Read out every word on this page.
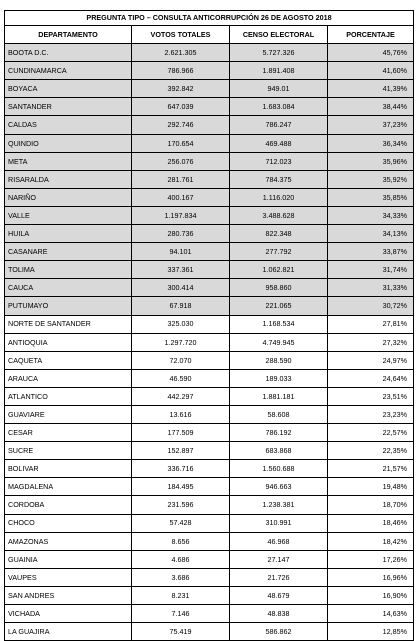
PREGUNTA TIPO – CONSULTA ANTICORRUPCIÓN 26 DE AGOSTO 2018			
DEPARTAMENTO	VOTOS TOTALES	CENSO ELECTORAL	PORCENTAJE
BOOTA D.C.	2.621.305	5.727.326	45,76%
CUNDINAMARCA	786.966	1.891.408	41,60%
BOYACA	392.842	949.01	41,39%
SANTANDER	647.039	1.683.084	38,44%
CALDAS	292.746	786.247	37,23%
QUINDIO	170.654	469.488	36,34%
META	256.076	712.023	35,96%
RISARALDA	281.761	784.375	35,92%
NARIÑO	400.167	1.116.020	35,85%
VALLE	1.197.834	3.488.628	34,33%
HUILA	280.736	822.348	34,13%
CASANARE	94.101	277.792	33,87%
TOLIMA	337.361	1.062.821	31,74%
CAUCA	300.414	958.860	31,33%
PUTUMAYO	67.918	221.065	30,72%
NORTE DE SANTANDER	325.030	1.168.534	27,81%
ANTIOQUIA	1.297.720	4.749.945	27,32%
CAQUETA	72.070	288.590	24,97%
ARAUCA	46.590	189.033	24,64%
ATLANTICO	442.297	1.881.181	23,51%
GUAVIARE	13.616	58.608	23,23%
CESAR	177.509	786.192	22,57%
SUCRE	152.897	683.868	22,35%
BOLIVAR	336.716	1.560.688	21,57%
MAGDALENA	184.495	946.663	19,48%
CORDOBA	231.596	1.238.381	18,70%
CHOCO	57.428	310.991	18,46%
AMAZONAS	8.656	46.968	18,42%
GUAINIA	4.686	27.147	17,26%
VAUPES	3.686	21.726	16,96%
SAN ANDRES	8.231	48.679	16,90%
VICHADA	7.146	48.838	14,63%
LA GUAJIRA	75.419	586.862	12,85%
